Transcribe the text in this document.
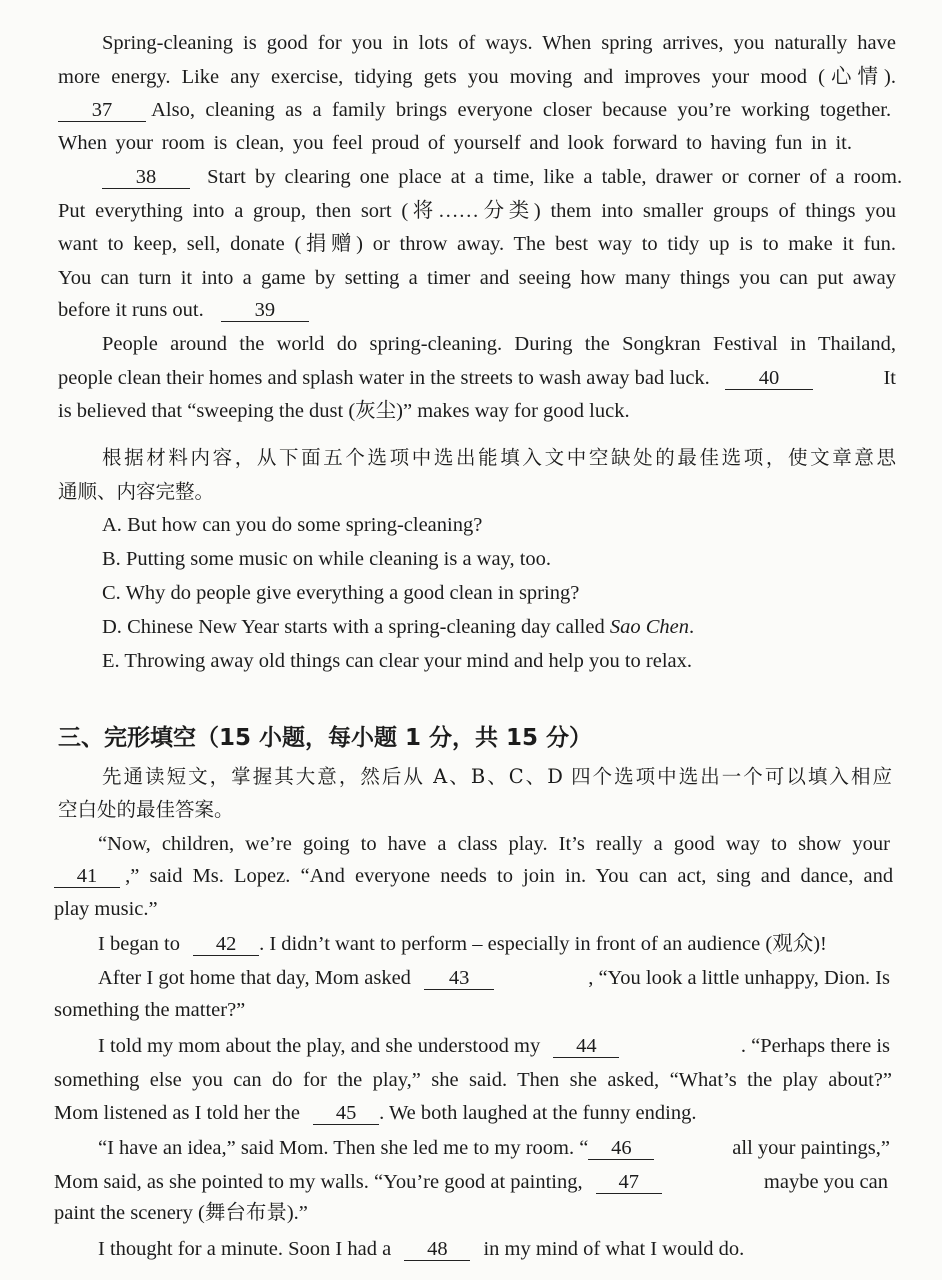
Spring-cleaning is good for you in lots of ways. When spring arrives, you naturally have
more energy. Like any exercise, tidying gets you moving and improves your mood (心情).
37 Also, cleaning as a family brings everyone closer because you’re working together.
When your room is clean, you feel proud of yourself and look forward to having fun in it.
38 Start by clearing one place at a time, like a table, drawer or corner of a room.
Put everything into a group, then sort (将……分类) them into smaller groups of things you
want to keep, sell, donate (捐赠) or throw away. The best way to tidy up is to make it fun.
You can turn it into a game by setting a timer and seeing how many things you can put away
before it runs out. 39
People around the world do spring-cleaning. During the Songkran Festival in Thailand,
people clean their homes and splash water in the streets to wash away bad luck. 40	It
is believed that “sweeping the dust (灰尘)” makes way for good luck.
根据材料内容，从下面五个选项中选出能填入文中空缺处的最佳选项，使文章意思
通顺、内容完整。
A. But how can you do some spring-cleaning?
B. Putting some music on while cleaning is a way, too.
C. Why do people give everything a good clean in spring?
D. Chinese New Year starts with a spring-cleaning day called Sao Chen.
E. Throwing away old things can clear your mind and help you to relax.
三、完形填空（15 小题，每小题 1 分，共 15 分）
先通读短文，掌握其大意，然后从 A、B、C、D 四个选项中选出一个可以填入相应
空白处的最佳答案。
“Now, children, we’re going to have a class play. It’s really a good way to show your
41 ,” said Ms. Lopez. “And everyone needs to join in. You can act, sing and dance, and
play music.”
I began to 42 . I didn’t want to perform – especially in front of an audience (观众)!
After I got home that day, Mom asked 43	, “You look a little unhappy, Dion. Is
something the matter?”
I told my mom about the play, and she understood my 44	. “Perhaps there is
something else you can do for the play,” she said. Then she asked, “What’s the play about?”
Mom listened as I told her the 45 . We both laughed at the funny ending.
“I have an idea,” said Mom. Then she led me to my room. “ 46	all your paintings,”
Mom said, as she pointed to my walls. “You’re good at painting, 47	maybe you can
paint the scenery (舞台布景).”
I thought for a minute. Soon I had a 48 in my mind of what I would do.
